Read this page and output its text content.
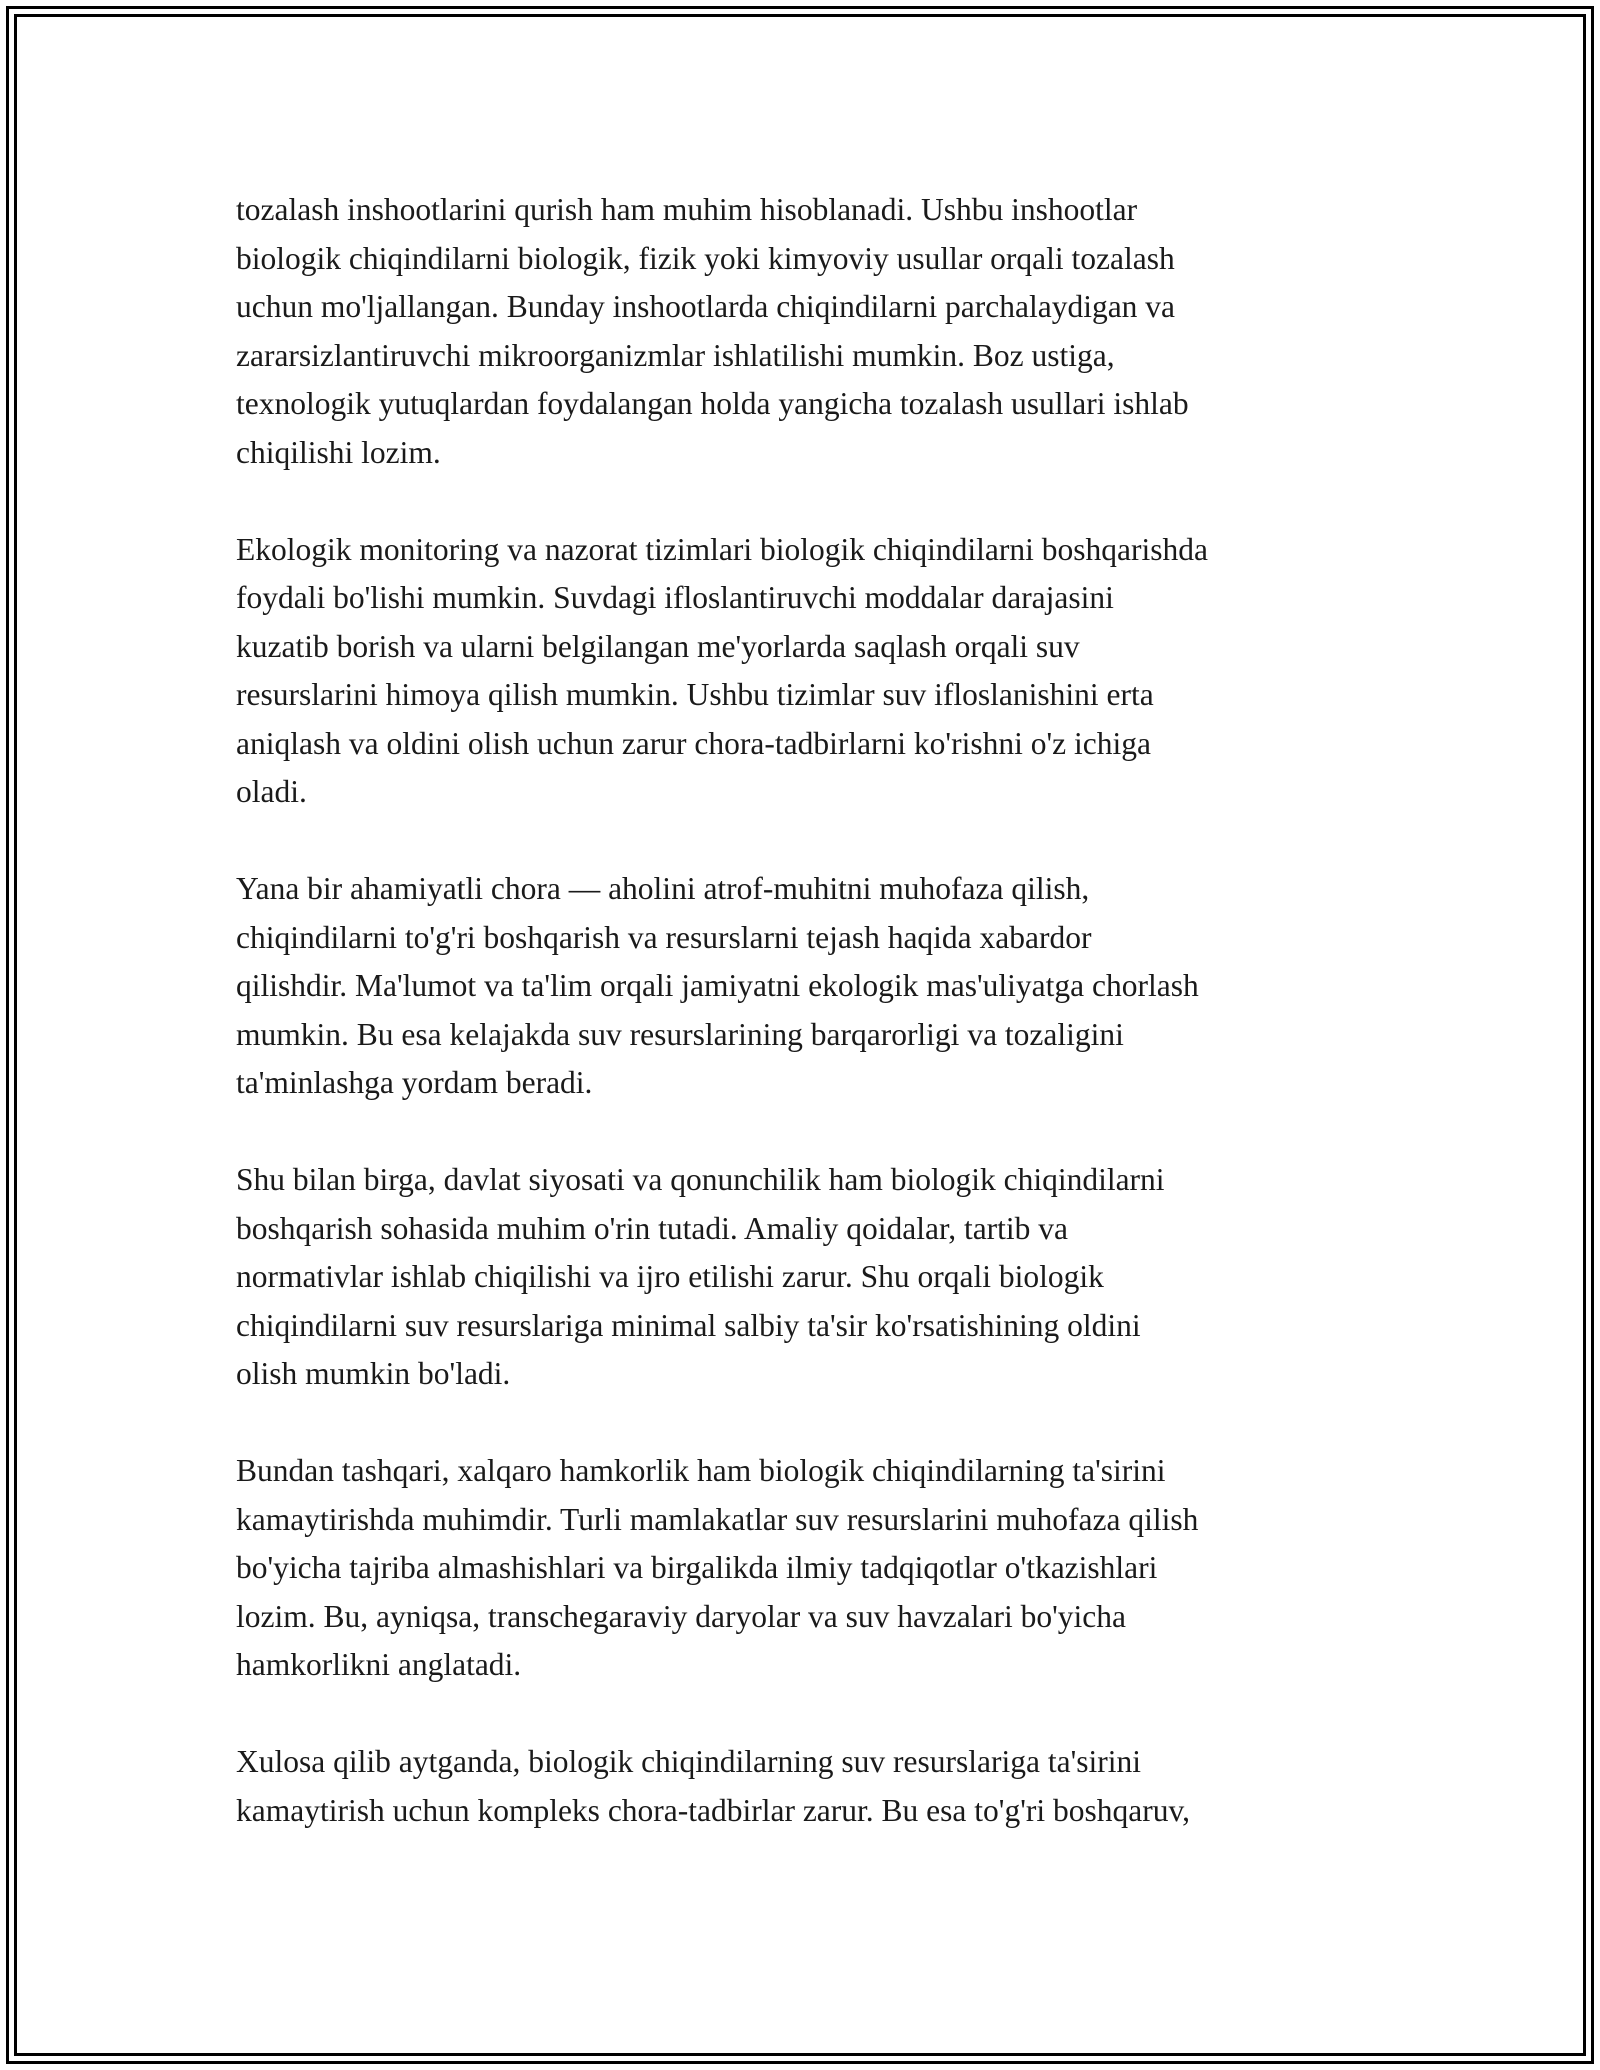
tozalash inshootlarini qurish ham muhim hisoblanadi. Ushbu inshootlar
biologik chiqindilarni biologik, fizik yoki kimyoviy usullar orqali tozalash
uchun mo'ljallangan. Bunday inshootlarda chiqindilarni parchalaydigan va
zararsizlantiruvchi mikroorganizmlar ishlatilishi mumkin. Boz ustiga,
texnologik yutuqlardan foydalangan holda yangicha tozalash usullari ishlab
chiqilishi lozim.

Ekologik monitoring va nazorat tizimlari biologik chiqindilarni boshqarishda
foydali bo'lishi mumkin. Suvdagi ifloslantiruvchi moddalar darajasini
kuzatib borish va ularni belgilangan me'yorlarda saqlash orqali suv
resurslarini himoya qilish mumkin. Ushbu tizimlar suv ifloslanishini erta
aniqlash va oldini olish uchun zarur chora-tadbirlarni ko'rishni o'z ichiga
oladi.

Yana bir ahamiyatli chora — aholini atrof-muhitni muhofaza qilish,
chiqindilarni to'g'ri boshqarish va resurslarni tejash haqida xabardor
qilishdir. Ma'lumot va ta'lim orqali jamiyatni ekologik mas'uliyatga chorlash
mumkin. Bu esa kelajakda suv resurslarining barqarorligi va tozaligini
ta'minlashga yordam beradi.

Shu bilan birga, davlat siyosati va qonunchilik ham biologik chiqindilarni
boshqarish sohasida muhim o'rin tutadi. Amaliy qoidalar, tartib va
normativlar ishlab chiqilishi va ijro etilishi zarur. Shu orqali biologik
chiqindilarni suv resurslariga minimal salbiy ta'sir ko'rsatishining oldini
olish mumkin bo'ladi.

Bundan tashqari, xalqaro hamkorlik ham biologik chiqindilarning ta'sirini
kamaytirishda muhimdir. Turli mamlakatlar suv resurslarini muhofaza qilish
bo'yicha tajriba almashishlari va birgalikda ilmiy tadqiqotlar o'tkazishlari
lozim. Bu, ayniqsa, transchegaraviy daryolar va suv havzalari bo'yicha
hamkorlikni anglatadi.

Xulosa qilib aytganda, biologik chiqindilarning suv resurslariga ta'sirini
kamaytirish uchun kompleks chora-tadbirlar zarur. Bu esa to'g'ri boshqaruv,
